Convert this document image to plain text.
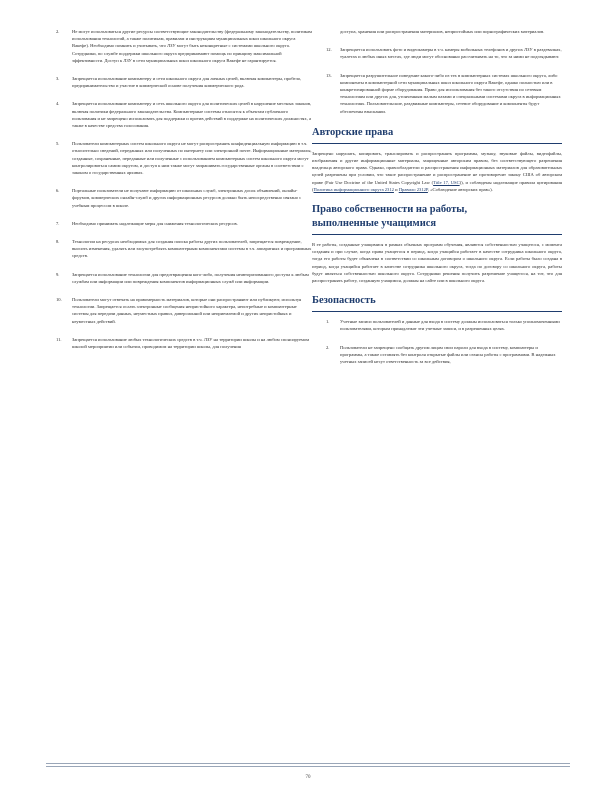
2.	Не могут использоваться другие ресурсы соответствующие законодательству (федеральному законодательству, политикам использования технологий, а также политикам, правилам и инструкциям муниципальных школ школьного округа Вакефе). Необходимо помнить и учитывать, что ЛЗУ могут быть неконкретные с системами школьного округа. Сотрудники, по службе поддержки школьного округа предпринимают помощь по принципу максимальной эффективности. Доступ к ЛЗУ в сети муниципальных школ школьного округа Вакефе не гарантируется.
3.	Запрещается использование компьютеру и сети школьного округа для личных целей, включая компьютеры, пробело, предпринимательство и участие в коммерческой основе получения коммерческого рода.
4.	Запрещается использование компьютеру и сеть школьного округа для политических целей в нарушение местных законов, включая политики федерального законодательства. Компьютерные системы относятся к объектам публичного пользования и не запрещено использовать для поддержки и против действий в поддержке на политических должностях, а также в качестве средства голосования.
5.	Пользователи компьютерных систем школьного округа не могут распространять конфиденциальную информацию в т.ч. относительно сведений, переданных или полученных по интернету или электронной почте. Информационные материалы, созданные, сохраненные, переданные или полученные с использованием компьютерных систем школьного округа могут контролироваться самим округом, и доступ к ним также могут запрашивать государственные органы в соответствии с законом о государственных архивах.
6.	Портальные пользователи не получают информацию от школьных служб, электронных досок объявлений, онлайн-форумов, коммерческих онлайн-служб и других информационных ресурсов должно быть непосредственно связано с учебным процессом в школе.
7.	Необходимо принимать надлежащие меры для снижения технологических ресурсов.
8.	Технологии на ресурсах необходимых для создания поиска работы других пользователей, запрещается повреждение, вносить изменения, удалять или злоупотреблять компьютерным компонентами системы в т.ч. аппаратных и программных средств.
9.	Запрещается использование технологии для предотвращения кого-либо, получения неавторизованного доступа к любым службам или информации или повреждения компонентов информационных служб или информации.
10. Пользователи могут отвечать на правомерность материалов, которые они распространяют или публикуют, используя технологии. Запрещается ослать электронные сообщения непристойного характера, непотребные и компьютерные системы для передачи данных, неуместных правил, диверсионной или неприемлемой и других непристойных и неуместных действий.
11. Запрещается использование любых технологических средств в т.ч. ЛЗУ на территории школы и на любом спонсируемом школой мероприятии или событии, проводимом на территории школы, для получения
доступа, хранения или распространения материалов, непристойных или порнографических материалов.
12. Запрещается использовать фото и видеокамеры в т.ч. камеры мобильных телефонов и других ЛЗУ в раздевалках, туалетах и любых иных местах, где люди могут обоснованно рассчитывать на то, что за ними не подглядывают.
13. Запрещается разрушительное поведение какого-либо из тех в компьютерных системах школьного округа, либо компоненты в компьютерной сети муниципальных школ школьного округа Вакефе, однако полностью или в конкретизированной форме оборудования. Право для использования без такого отсутствия по сетевым технологиям или других для, утонченным малым пазами и специальными системами округа в информационных технологиях. Пользовательские, раздвижные компьютеры, сетевое оборудование и компоненты будут обеспечены взыскании.
Авторские права
Запрещено нарушать, копировать, транслировать и распространять программы, музыку, звуковые файлы, видеофайлы, изображения и другие информационные материалы, защищенные авторским правом, без соответствующего разрешения владельца авторского права. Однако, правообладатели и распространения информационных материалов для образовательных целей разрешены при условии, что такое распространение и распространение не противоречит закону США об авторском праве (Fair Use Doctrine of the United States Copyright Law (Title 17, USC)), и соблюдены надлежащие правила цитирования (Политика информационного округа 2312 и Правило 2312Р, «Соблюдение авторских прав»).
Право собственности на работы,
выполненные учащимися
В ее работы, созданные учащимися в рамках обычных программ обучения, являются собственностью учащегося, с момента создания и при случае, когда права учащегося в период, когда учащийся работает в качестве сотрудника школьного округа, тогда его работы будет объявлена в соответствии со школьным договором о школьного округа. Если работы было создана в период, когда учащийся работает в качестве сотрудника школьного округа, тогда по договору со школьного округа, работы будут являться собственностью школьного округа. Сотрудники решения получить разрешение учащегося, на тот, что для распространять работу, созданную учащимся, должны на сайте или в школьного округа.
Безопасность
1. Учетные записи пользователей и данные для входа в систему должны использоваться только уполномоченными пользователями, которым принадлежат эти учетные записи, и в разрешенных целях.
2. Пользователи не запрещено сообщать другим лицам свои пароли для входа в систему, компьютеры и программы, а также оставлять без контроля открытые файлы или сеансы работы с программами. В надежных учетных записей несут ответственность за все действия,
70
